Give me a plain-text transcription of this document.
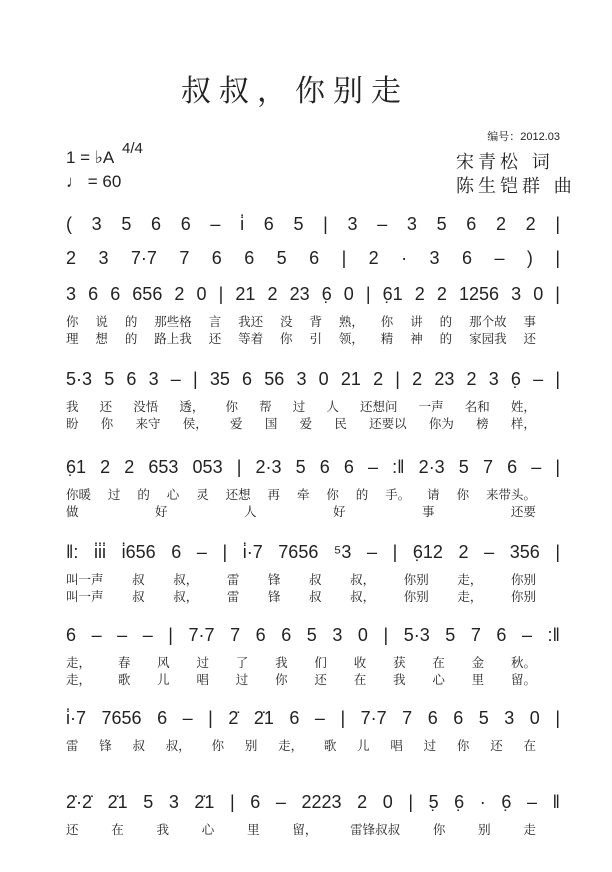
叔叔，你别走
编号：2012.03
1 = ♭A 4/4
♩ = 60
宋青松 词
陈生铠群 曲
( 3 5 6 6 – i̇ 6 5 | 3 – 3 5 6 2 2 |
2 3 7·7 7 6 6 5 6 | 2 · 3 6 – ) |
3 6 6 656 2 0 | 21 2 23 6̣ 0 | 6̣1 2 2 1256 3 0 |
5·3 5 6 3 – | 35 6 56 3 0 21 2 | 2 23 2 3 6̣ – |
6̣1 2 2 653 053 | 2·3 5 6 6 – :‖ 2·3 5 7 6 – |
‖: i̇i̇i̇ i̇656 6 – | i̇·7 7656 ⁵3 – | 6̣12 2 – 356 |
6 – – – | 7·7 7 6 6 5 3 0 | 5·3 5 7 6 – :‖
i̇·7 7656 6 – | 2̇ 2̇1 6 – | 7·7 7 6 6 5 3 0 |
2̇·2̇ 2̇1 5 3 2̇1 | 6 – 2223 2 0 | 5̣ 6̣ · 6̣ – ‖
你 说 的 那些格 言 我还 没 背 熟， 你 讲 的 那个故 事
理 想 的 路上我 还 等着 你 引 领， 精 神 的 家园我 还
我 还 没悟 透， 你 帮 过 人 还想问 一声 名和 姓，
盼 你 来守 侯， 爱 国 爱 民 还要以 你为 榜 样，
你暖 过 的 心 灵 还想 再 牵 你 的 手。 请 你 来带头。
做	好	人	好	事	还要
叫一声 叔 叔， 雷 锋 叔 叔， 你别 走， 你别
叫一声 叔 叔， 雷 锋 叔 叔， 你别 走， 你别
走， 春 风 过 了 我 们 收 获 在 金 秋。
走， 歌 儿 唱 过 你 还 在 我 心 里 留。
雷 锋 叔 叔， 你 别 走， 歌 儿 唱 过 你 还 在
还	在	我	心	里	留，	雷锋叔叔	你	别	走
